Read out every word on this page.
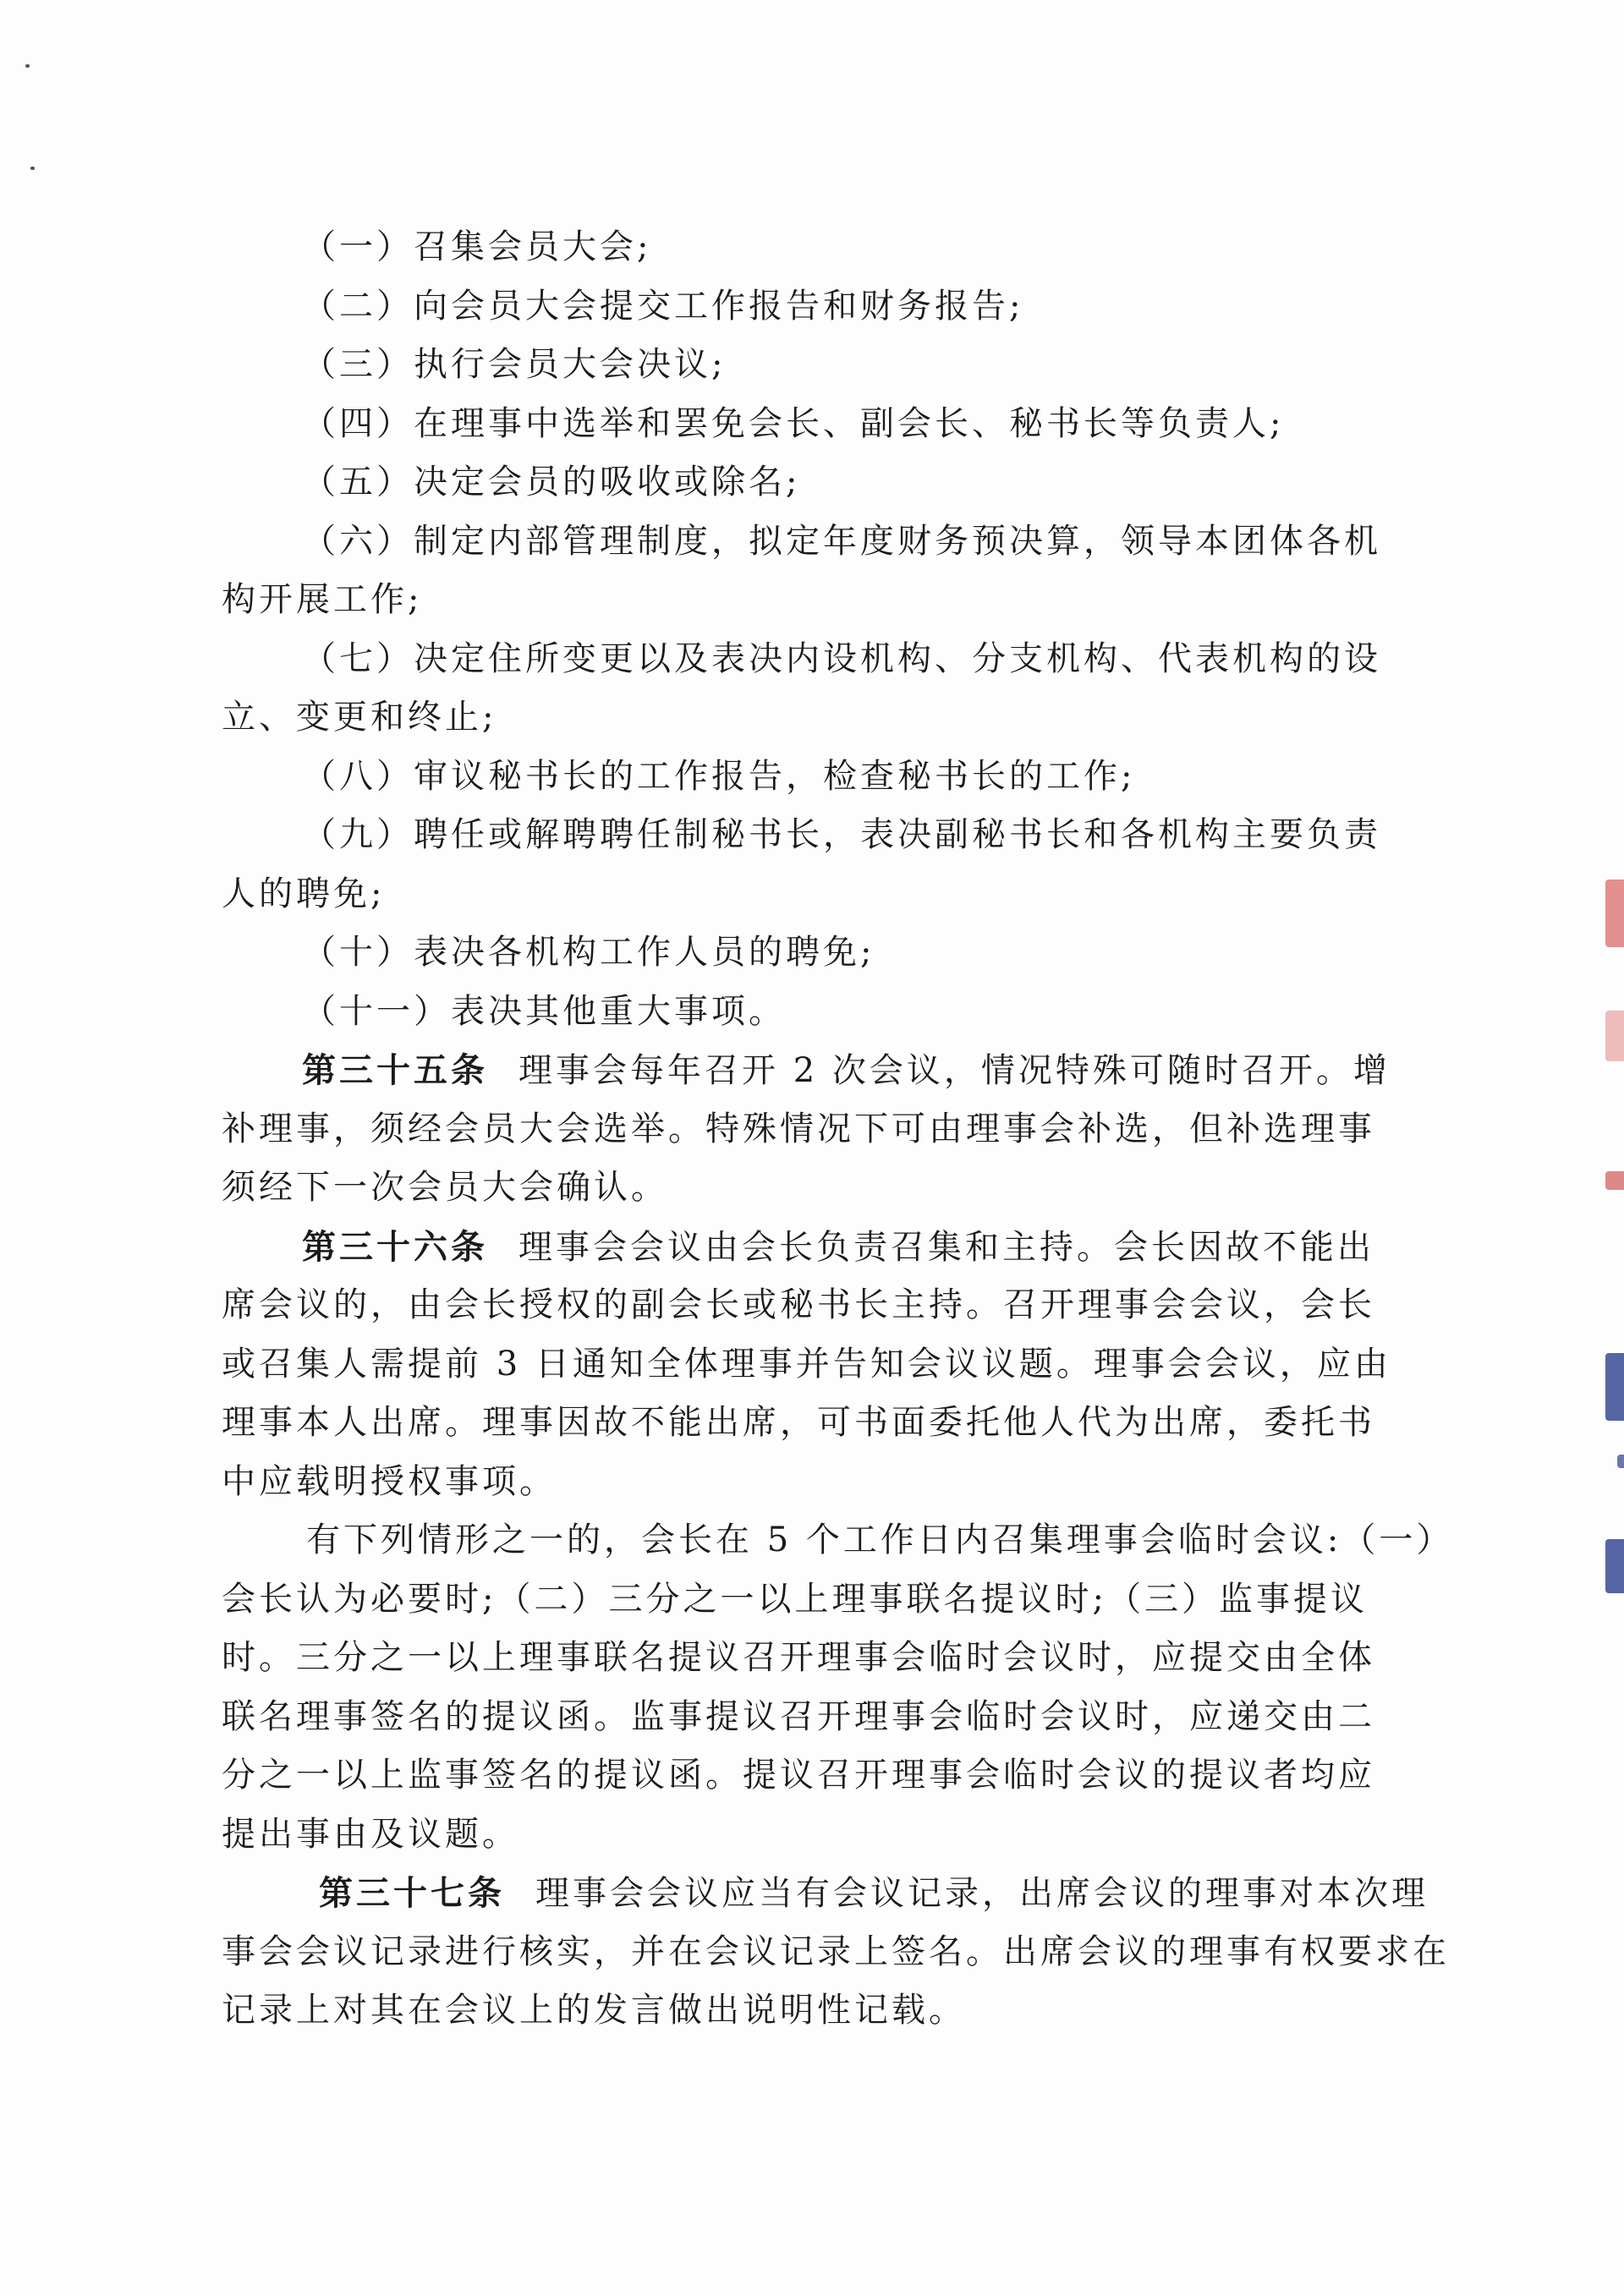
（一）召集会员大会;
（二）向会员大会提交工作报告和财务报告;
（三）执行会员大会决议;
（四）在理事中选举和罢免会长、副会长、秘书长等负责人;
（五）决定会员的吸收或除名;
（六）制定内部管理制度，拟定年度财务预决算，领导本团体各机
构开展工作;
（七）决定住所变更以及表决内设机构、分支机构、代表机构的设
立、变更和终止;
（八）审议秘书长的工作报告，检查秘书长的工作;
（九）聘任或解聘聘任制秘书长，表决副秘书长和各机构主要负责
人的聘免;
（十）表决各机构工作人员的聘免;
（十一）表决其他重大事项。
第三十五条 理事会每年召开 2 次会议，情况特殊可随时召开。增
补理事，须经会员大会选举。特殊情况下可由理事会补选，但补选理事
须经下一次会员大会确认。
第三十六条 理事会会议由会长负责召集和主持。会长因故不能出
席会议的，由会长授权的副会长或秘书长主持。召开理事会会议，会长
或召集人需提前 3 日通知全体理事并告知会议议题。理事会会议，应由
理事本人出席。理事因故不能出席，可书面委托他人代为出席，委托书
中应载明授权事项。
有下列情形之一的，会长在 5 个工作日内召集理事会临时会议:（一）
会长认为必要时;（二）三分之一以上理事联名提议时;（三）监事提议
时。三分之一以上理事联名提议召开理事会临时会议时，应提交由全体
联名理事签名的提议函。监事提议召开理事会临时会议时，应递交由二
分之一以上监事签名的提议函。提议召开理事会临时会议的提议者均应
提出事由及议题。
第三十七条 理事会会议应当有会议记录，出席会议的理事对本次理
事会会议记录进行核实，并在会议记录上签名。出席会议的理事有权要求在
记录上对其在会议上的发言做出说明性记载。
